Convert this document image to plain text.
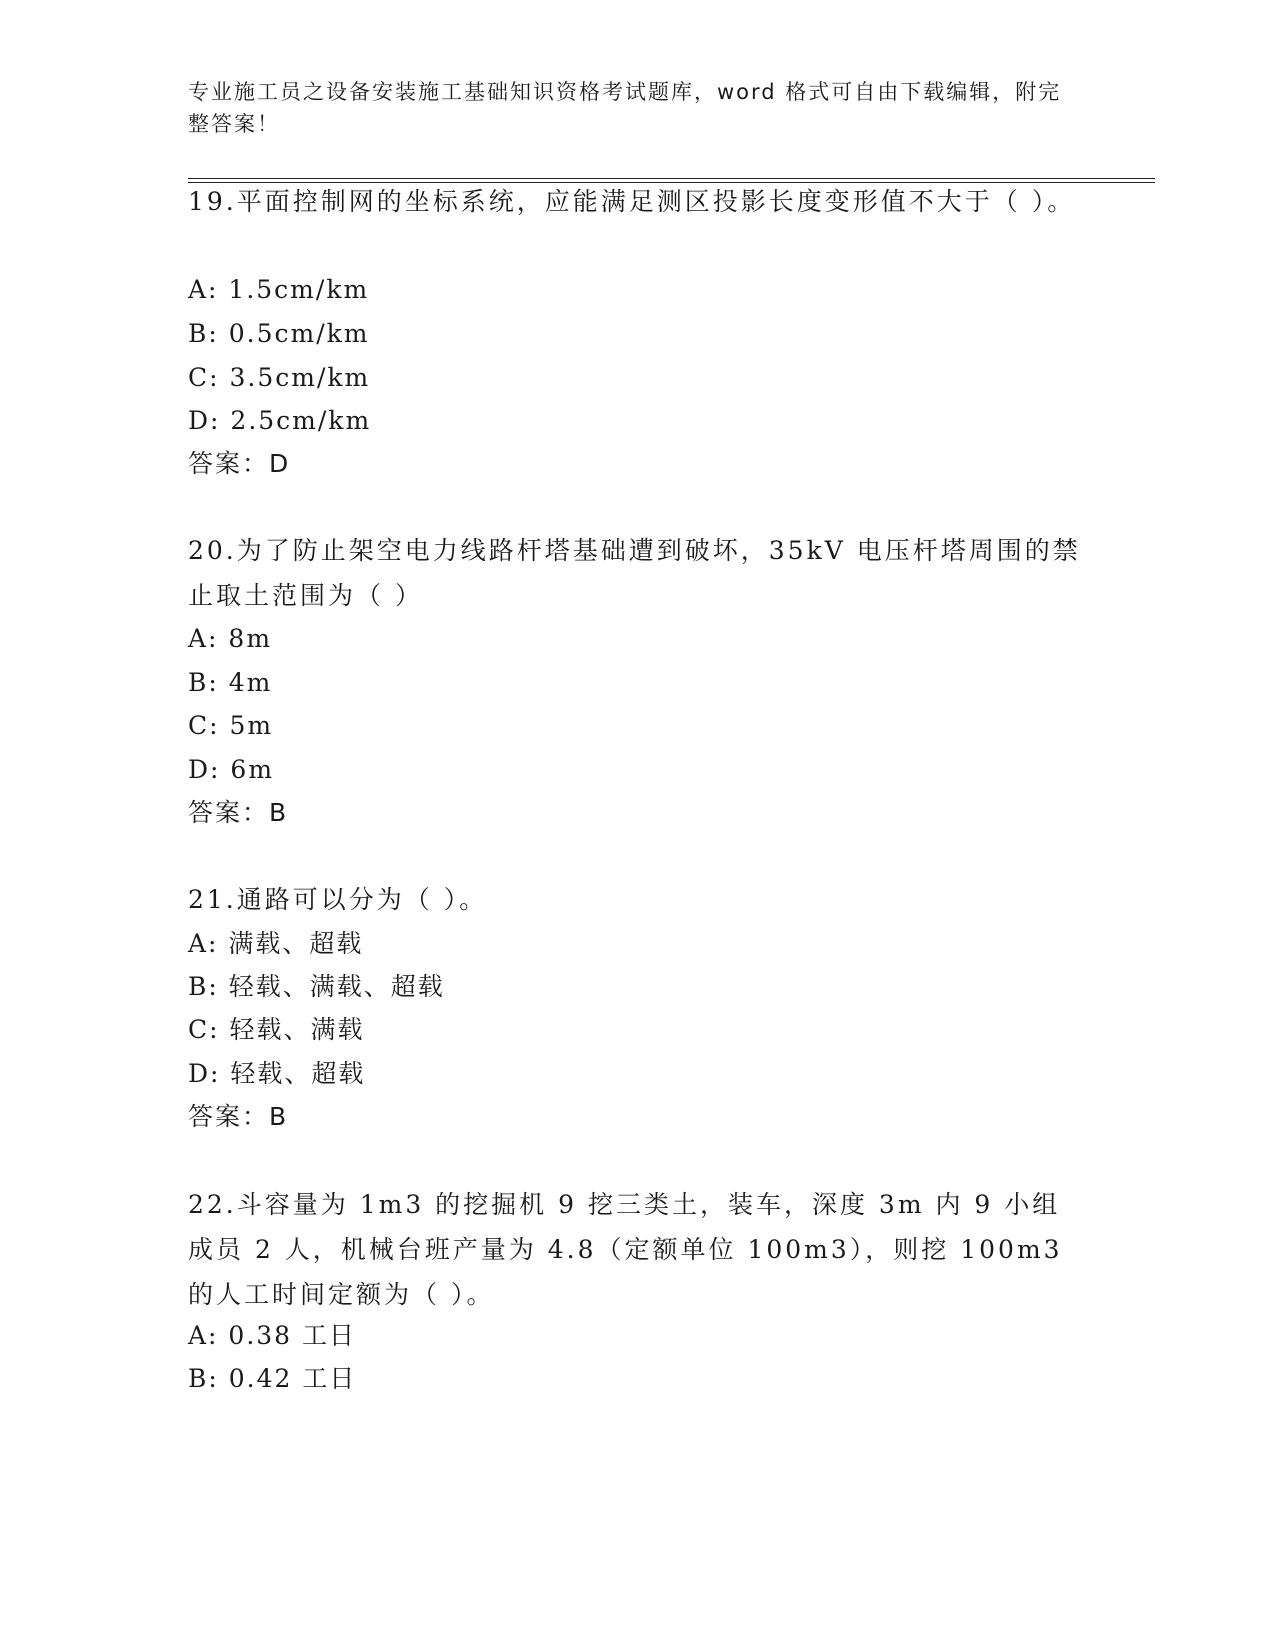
专业施工员之设备安装施工基础知识资格考试题库，word 格式可自由下载编辑，附完整答案！

19.平面控制网的坐标系统，应能满足测区投影长度变形值不大于（ ）。

A: 1.5cm/km
B: 0.5cm/km
C: 3.5cm/km
D: 2.5cm/km
答案：D

20.为了防止架空电力线路杆塔基础遭到破坏，35kV 电压杆塔周围的禁止取土范围为（ ）

A: 8m
B: 4m
C: 5m
D: 6m
答案：B

21.通路可以分为（ ）。

A: 满载、超载
B: 轻载、满载、超载
C: 轻载、满载
D: 轻载、超载
答案：B

22.斗容量为 1m3 的挖掘机 9 挖三类土，装车，深度 3m 内 9 小组成员 2 人，机械台班产量为 4.8（定额单位 100m3），则挖 100m3 的人工时间定额为（ ）。

A: 0.38 工日
B: 0.42 工日
